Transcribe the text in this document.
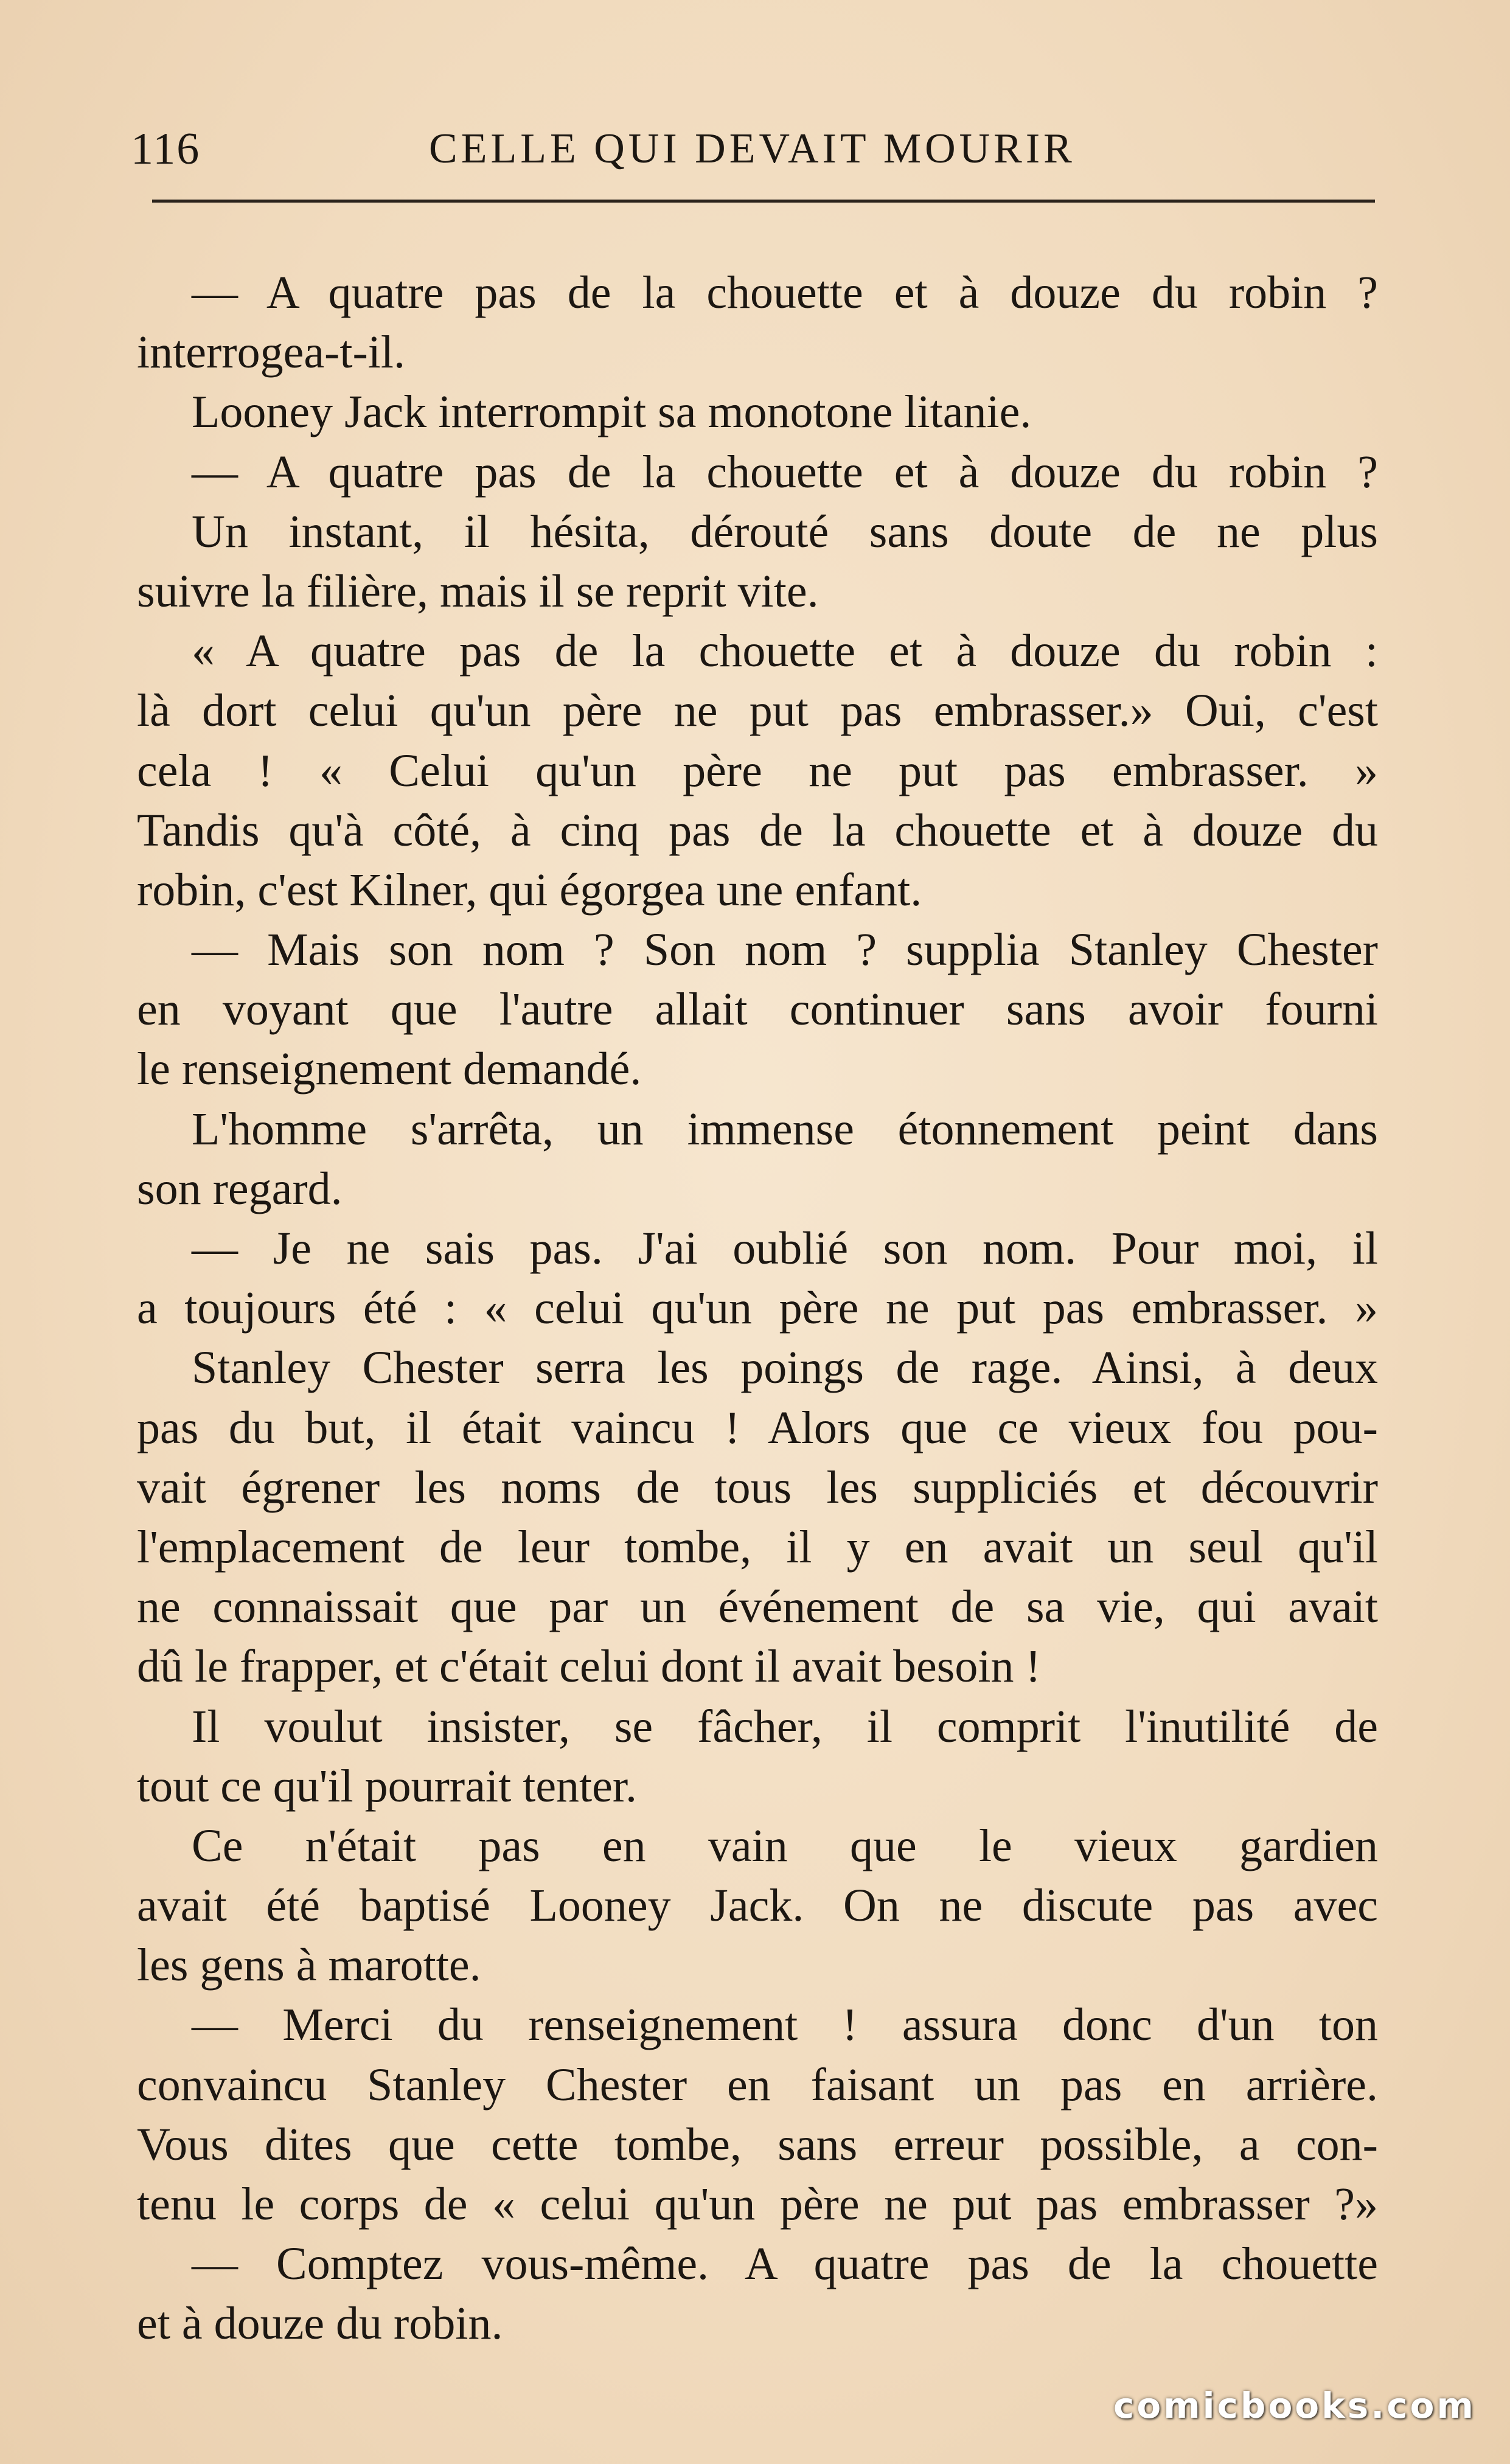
116	CELLE QUI DEVAIT MOURIR
— A quatre pas de la chouette et à douze du robin ?
interrogea-t-il.
Looney Jack interrompit sa monotone litanie.
— A quatre pas de la chouette et à douze du robin ?
Un instant, il hésita, dérouté sans doute de ne plus
suivre la filière, mais il se reprit vite.
« A quatre pas de la chouette et à douze du robin :
là dort celui qu'un père ne put pas embrasser.» Oui, c'est
cela ! « Celui qu'un père ne put pas embrasser. »
Tandis qu'à côté, à cinq pas de la chouette et à douze du
robin, c'est Kilner, qui égorgea une enfant.
— Mais son nom ? Son nom ? supplia Stanley Chester
en voyant que l'autre allait continuer sans avoir fourni
le renseignement demandé.
L'homme s'arrêta, un immense étonnement peint dans
son regard.
— Je ne sais pas. J'ai oublié son nom. Pour moi, il
a toujours été : « celui qu'un père ne put pas embrasser. »
Stanley Chester serra les poings de rage. Ainsi, à deux
pas du but, il était vaincu ! Alors que ce vieux fou pou-
vait égrener les noms de tous les suppliciés et découvrir
l'emplacement de leur tombe, il y en avait un seul qu'il
ne connaissait que par un événement de sa vie, qui avait
dû le frapper, et c'était celui dont il avait besoin !
Il voulut insister, se fâcher, il comprit l'inutilité de
tout ce qu'il pourrait tenter.
Ce n'était pas en vain que le vieux gardien
avait été baptisé Looney Jack. On ne discute pas avec
les gens à marotte.
— Merci du renseignement ! assura donc d'un ton
convaincu Stanley Chester en faisant un pas en arrière.
Vous dites que cette tombe, sans erreur possible, a con-
tenu le corps de « celui qu'un père ne put pas embrasser ?»
— Comptez vous-même. A quatre pas de la chouette
et à douze du robin.
comicbooks.com
